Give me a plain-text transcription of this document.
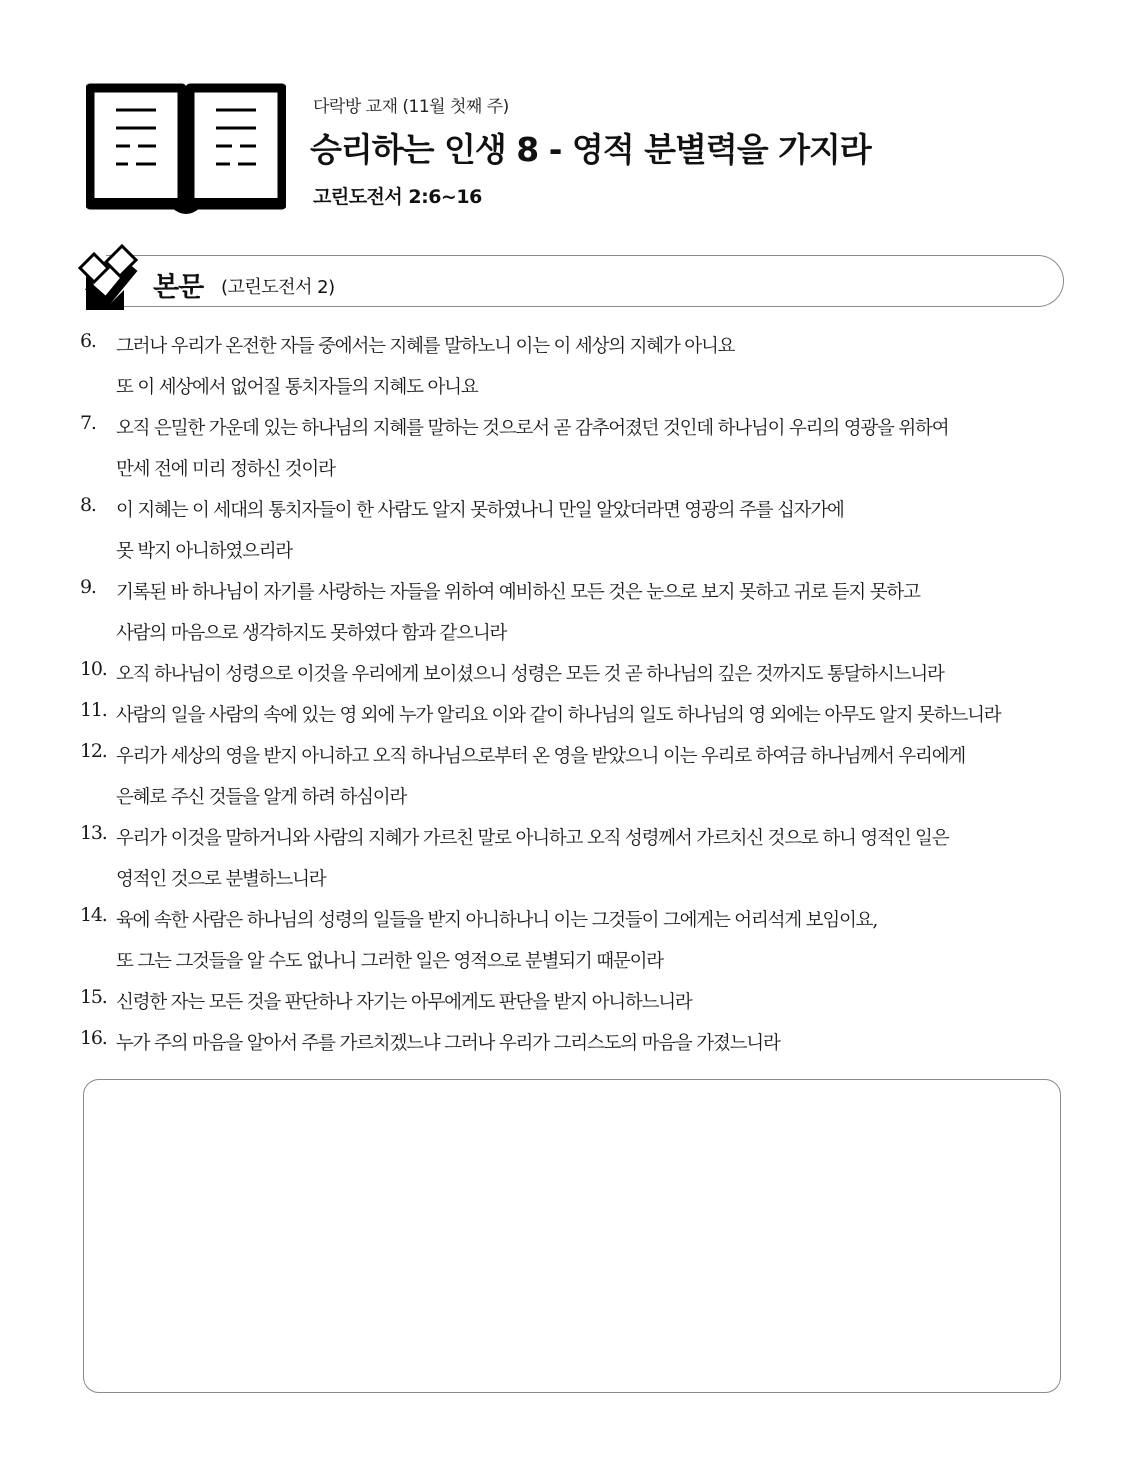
다락방 교재 (11월 첫째 주)
승리하는 인생 8 - 영적 분별력을 가지라
고린도전서 2:6~16
본문 (고린도전서 2)
6.	그러나 우리가 온전한 자들 중에서는 지혜를 말하노니 이는 이 세상의 지혜가 아니요
또 이 세상에서 없어질 통치자들의 지혜도 아니요
7.	오직 은밀한 가운데 있는 하나님의 지혜를 말하는 것으로서 곧 감추어졌던 것인데 하나님이 우리의 영광을 위하여
만세 전에 미리 정하신 것이라
8.	이 지혜는 이 세대의 통치자들이 한 사람도 알지 못하였나니 만일 알았더라면 영광의 주를 십자가에
못 박지 아니하였으리라
9.	기록된 바 하나님이 자기를 사랑하는 자들을 위하여 예비하신 모든 것은 눈으로 보지 못하고 귀로 듣지 못하고
사람의 마음으로 생각하지도 못하였다 함과 같으니라
10. 오직 하나님이 성령으로 이것을 우리에게 보이셨으니 성령은 모든 것 곧 하나님의 깊은 것까지도 통달하시느니라
11. 사람의 일을 사람의 속에 있는 영 외에 누가 알리요 이와 같이 하나님의 일도 하나님의 영 외에는 아무도 알지 못하느니라
12. 우리가 세상의 영을 받지 아니하고 오직 하나님으로부터 온 영을 받았으니 이는 우리로 하여금 하나님께서 우리에게
은혜로 주신 것들을 알게 하려 하심이라
13. 우리가 이것을 말하거니와 사람의 지혜가 가르친 말로 아니하고 오직 성령께서 가르치신 것으로 하니 영적인 일은
영적인 것으로 분별하느니라
14. 육에 속한 사람은 하나님의 성령의 일들을 받지 아니하나니 이는 그것들이 그에게는 어리석게 보임이요,
또 그는 그것들을 알 수도 없나니 그러한 일은 영적으로 분별되기 때문이라
15. 신령한 자는 모든 것을 판단하나 자기는 아무에게도 판단을 받지 아니하느니라
16. 누가 주의 마음을 알아서 주를 가르치겠느냐 그러나 우리가 그리스도의 마음을 가졌느니라
